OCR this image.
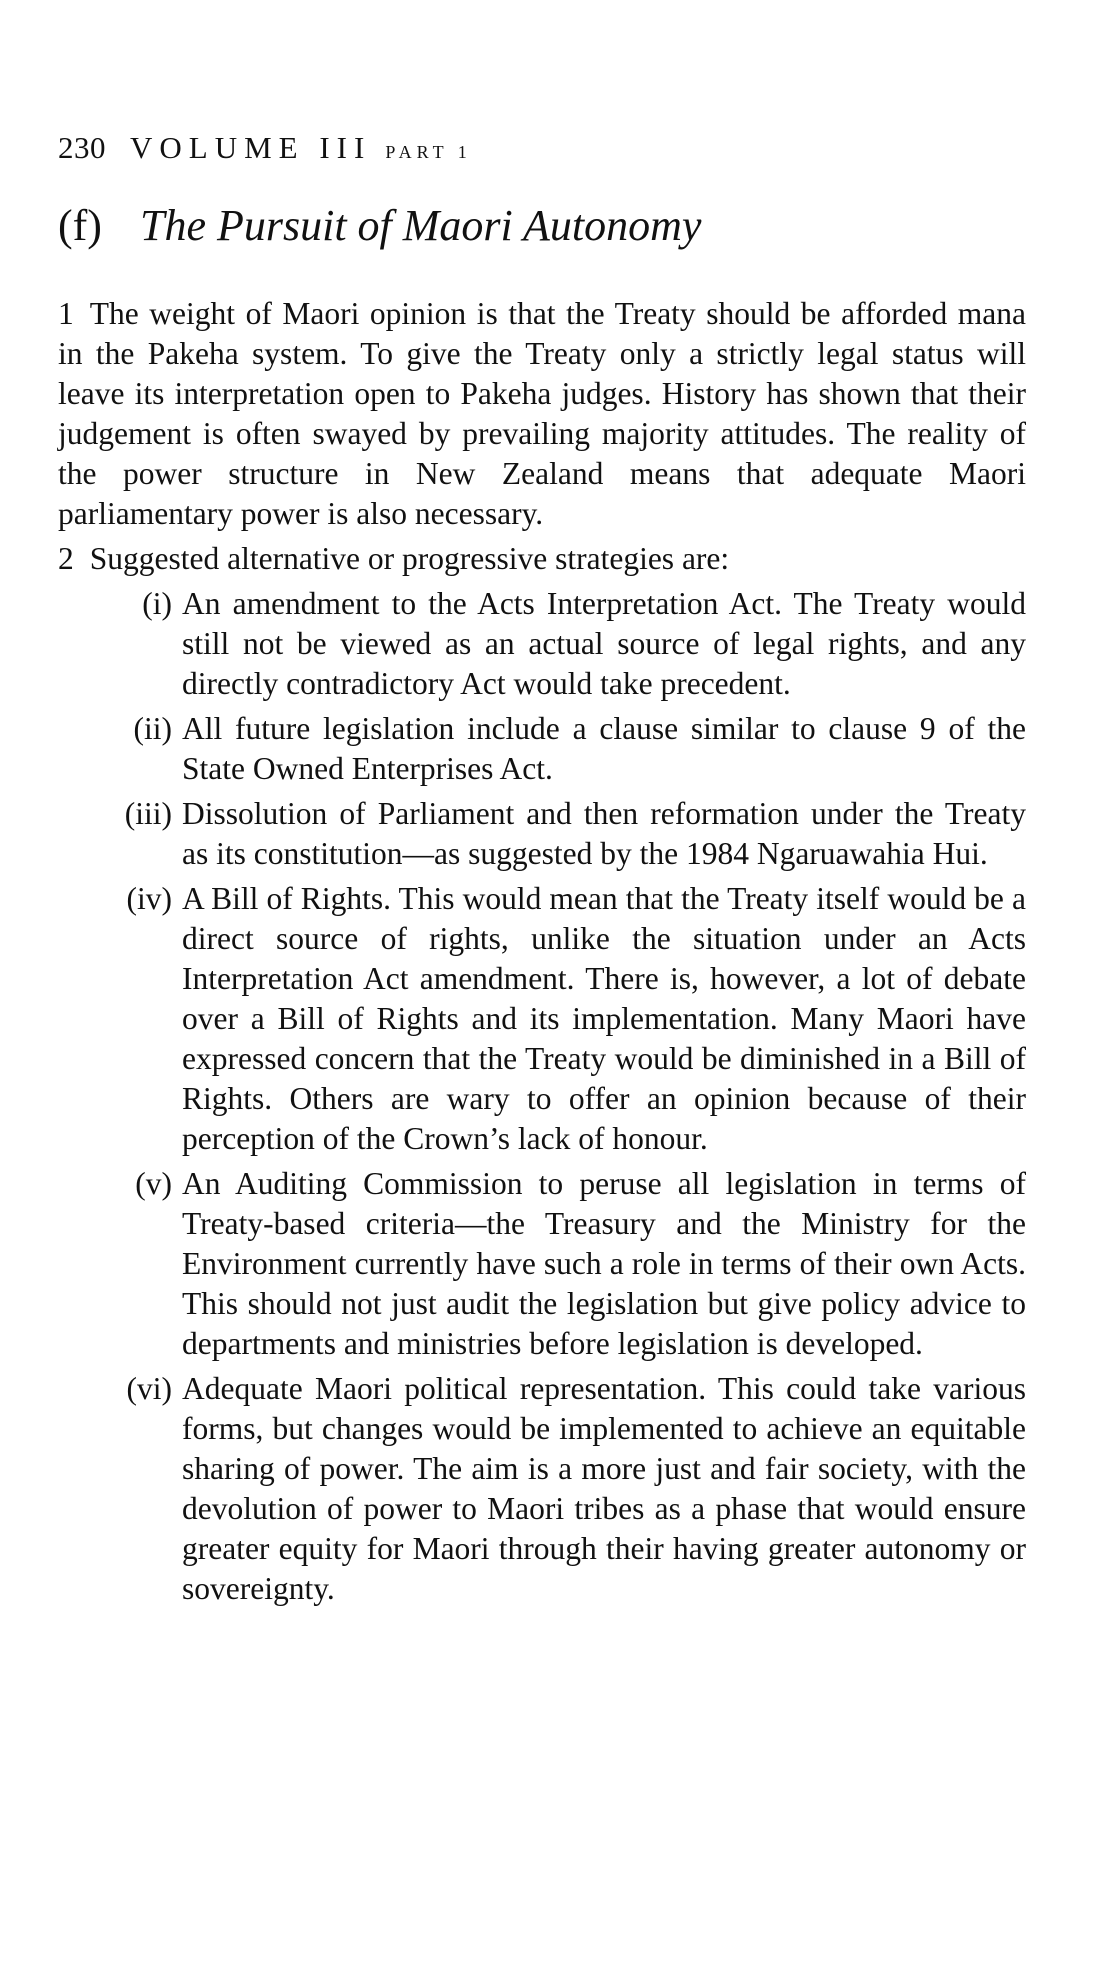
230 VOLUME III PART 1
(f) The Pursuit of Maori Autonomy

1 The weight of Maori opinion is that the Treaty should be afforded mana in the Pakeha system. To give the Treaty only a strictly legal status will leave its interpretation open to Pakeha judges. History has shown that their judgement is often swayed by prevailing majority attitudes. The reality of the power structure in New Zealand means that adequate Maori parliamentary power is also necessary.

2 Suggested alternative or progressive strategies are:

(i) An amendment to the Acts Interpretation Act. The Treaty would still not be viewed as an actual source of legal rights, and any directly contradictory Act would take precedent.
(ii) All future legislation include a clause similar to clause 9 of the State Owned Enterprises Act.
(iii) Dissolution of Parliament and then reformation under the Treaty as its constitution—as suggested by the 1984 Ngaruawahia Hui.
(iv) A Bill of Rights. This would mean that the Treaty itself would be a direct source of rights, unlike the situation under an Acts Interpretation Act amendment. There is, however, a lot of debate over a Bill of Rights and its implementation. Many Maori have expressed concern that the Treaty would be diminished in a Bill of Rights. Others are wary to offer an opinion because of their perception of the Crown’s lack of honour.
(v) An Auditing Commission to peruse all legislation in terms of Treaty-based criteria—the Treasury and the Ministry for the Environment currently have such a role in terms of their own Acts. This should not just audit the legislation but give policy advice to departments and ministries before legislation is developed.
(vi) Adequate Maori political representation. This could take various forms, but changes would be implemented to achieve an equitable sharing of power. The aim is a more just and fair society, with the devolution of power to Maori tribes as a phase that would ensure greater equity for Maori through their having greater autonomy or sovereignty.
